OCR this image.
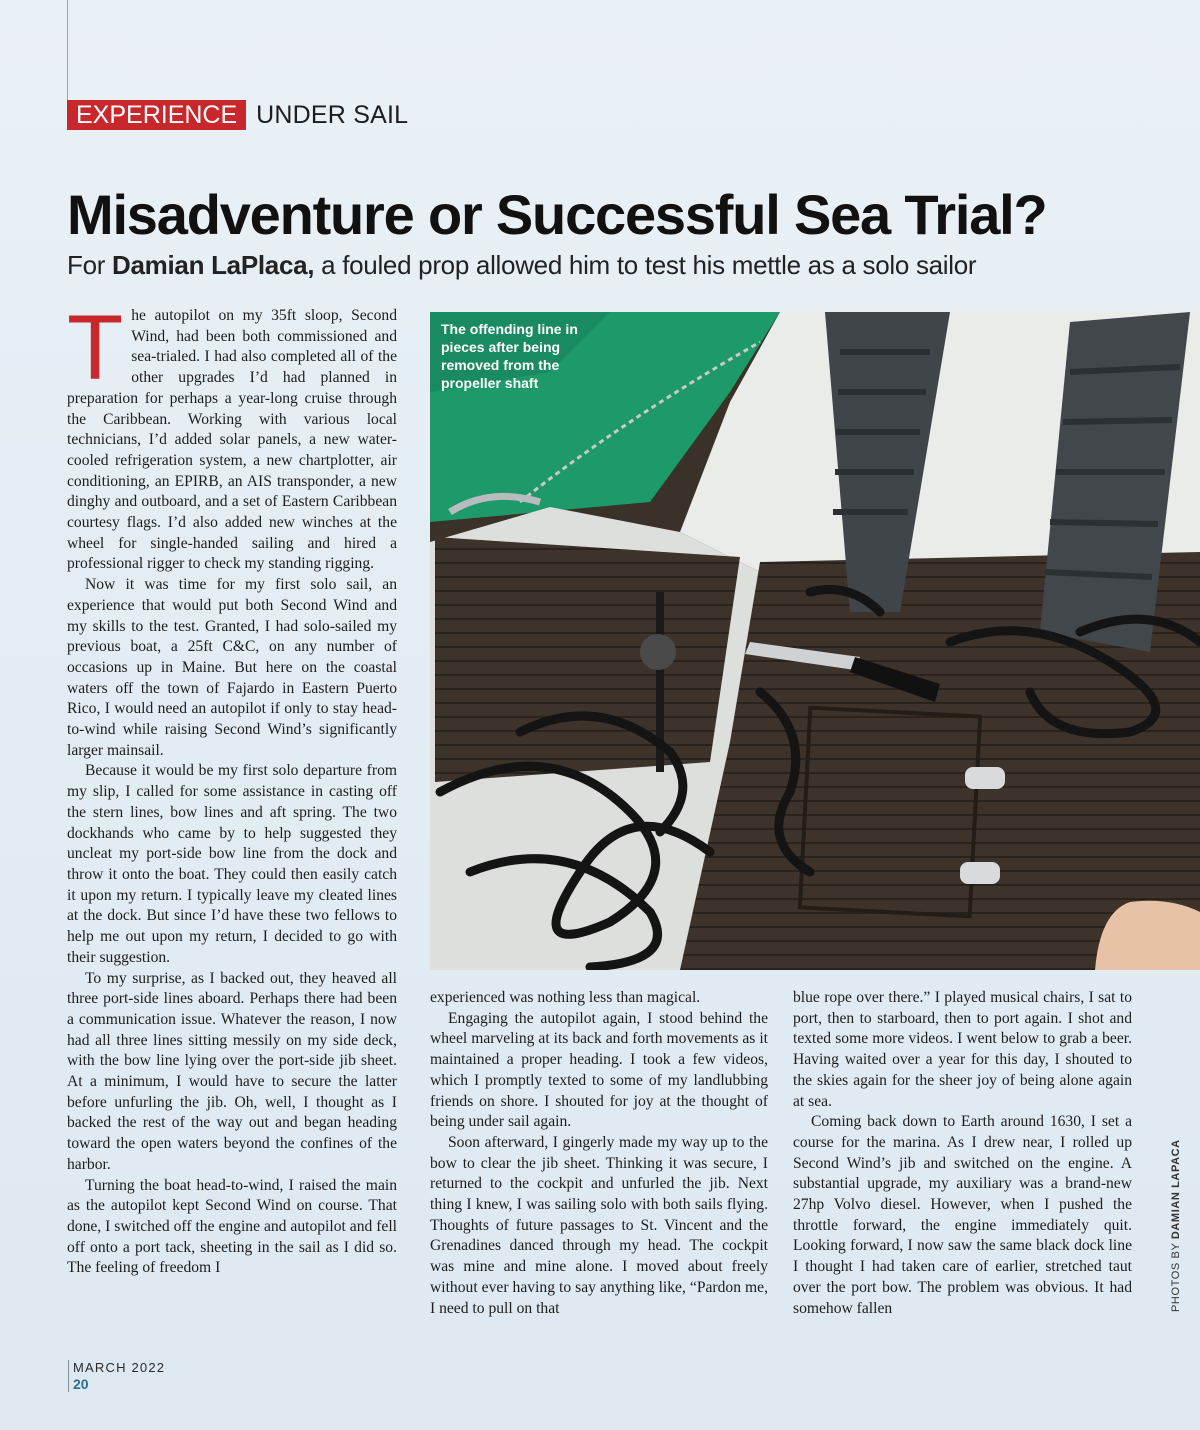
EXPERIENCE UNDER SAIL
Misadventure or Successful Sea Trial?

For Damian LaPlaca, a fouled prop allowed him to test his mettle as a solo sailor

The autopilot on my 35ft sloop, Second Wind, had been both commissioned and sea-trialed. I had also completed all of the other upgrades I’d had planned in preparation for perhaps a year-long cruise through the Caribbean. Working with various local technicians, I’d added solar panels, a new water-cooled refrigeration system, a new chartplotter, air conditioning, an EPIRB, an AIS transponder, a new dinghy and outboard, and a set of Eastern Caribbean courtesy flags. I’d also added new winches at the wheel for single-handed sailing and hired a professional rigger to check my standing rigging.

Now it was time for my first solo sail, an experience that would put both Second Wind and my skills to the test. Granted, I had solo-sailed my previous boat, a 25ft C&C, on any number of occasions up in Maine. But here on the coastal waters off the town of Fajardo in Eastern Puerto Rico, I would need an autopilot if only to stay head-to-wind while raising Second Wind’s significantly larger mainsail.

Because it would be my first solo departure from my slip, I called for some assistance in casting off the stern lines, bow lines and aft spring. The two dockhands who came by to help suggested they uncleat my port-side bow line from the dock and throw it onto the boat. They could then easily catch it upon my return. I typically leave my cleated lines at the dock. But since I’d have these two fellows to help me out upon my return, I decided to go with their suggestion.

To my surprise, as I backed out, they heaved all three port-side lines aboard. Perhaps there had been a communication issue. Whatever the reason, I now had all three lines sitting messily on my side deck, with the bow line lying over the port-side jib sheet. At a minimum, I would have to secure the latter before unfurling the jib. Oh, well, I thought as I backed the rest of the way out and began heading toward the open waters beyond the confines of the harbor.

Turning the boat head-to-wind, I raised the main as the autopilot kept Second Wind on course. That done, I switched off the engine and autopilot and fell off onto a port tack, sheeting in the sail as I did so. The feeling of freedom I

The offending line in pieces after being removed from the propeller shaft

experienced was nothing less than magical.

Engaging the autopilot again, I stood behind the wheel marveling at its back and forth movements as it maintained a proper heading. I took a few videos, which I promptly texted to some of my landlubbing friends on shore. I shouted for joy at the thought of being under sail again.

Soon afterward, I gingerly made my way up to the bow to clear the jib sheet. Thinking it was secure, I returned to the cockpit and unfurled the jib. Next thing I knew, I was sailing solo with both sails flying. Thoughts of future passages to St. Vincent and the Grenadines danced through my head. The cockpit was mine and mine alone. I moved about freely without ever having to say anything like, “Pardon me, I need to pull on that

blue rope over there.” I played musical chairs, I sat to port, then to starboard, then to port again. I shot and texted some more videos. I went below to grab a beer. Having waited over a year for this day, I shouted to the skies again for the sheer joy of being alone again at sea.

Coming back down to Earth around 1630, I set a course for the marina. As I drew near, I rolled up Second Wind’s jib and switched on the engine. A substantial upgrade, my auxiliary was a brand-new 27hp Volvo diesel. However, when I pushed the throttle forward, the engine immediately quit. Looking forward, I now saw the same black dock line I thought I had taken care of earlier, stretched taut over the port bow. The problem was obvious. It had somehow fallen	PHOTOS BY DAMIAN LAPACA
MARCH 2022
20
